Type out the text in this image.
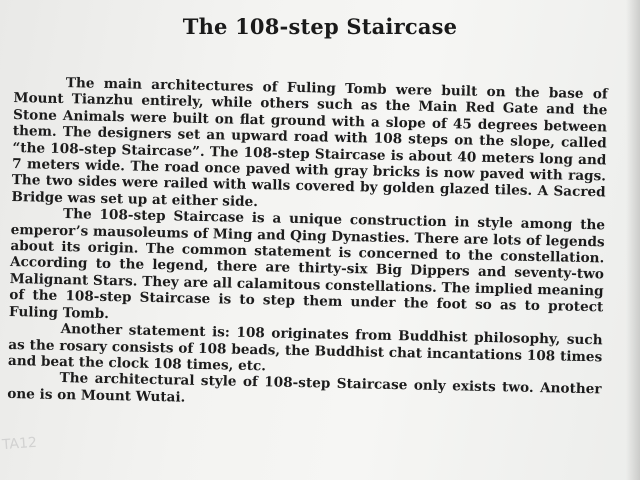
The 108-step Staircase

The main architectures of Fuling Tomb were built on the base of Mount Tianzhu entirely, while others such as the Main Red Gate and the Stone Animals were built on flat ground with a slope of 45 degrees between them. The designers set an upward road with 108 steps on the slope, called “the 108-step Staircase”. The 108-step Staircase is about 40 meters long and 7 meters wide. The road once paved with gray bricks is now paved with rags. The two sides were railed with walls covered by golden glazed tiles. A Sacred Bridge was set up at either side.

The 108-step Staircase is a unique construction in style among the emperor’s mausoleums of Ming and Qing Dynasties. There are lots of legends about its origin. The common statement is concerned to the constellation. According to the legend, there are thirty-six Big Dippers and seventy-two Malignant Stars. They are all calamitous constellations. The implied meaning of the 108-step Staircase is to step them under the foot so as to protect Fuling Tomb.

Another statement is: 108 originates from Buddhist philosophy, such as the rosary consists of 108 beads, the Buddhist chat incantations 108 times and beat the clock 108 times, etc.

The architectural style of 108-step Staircase only exists two. Another one is on Mount Wutai.

TA12
